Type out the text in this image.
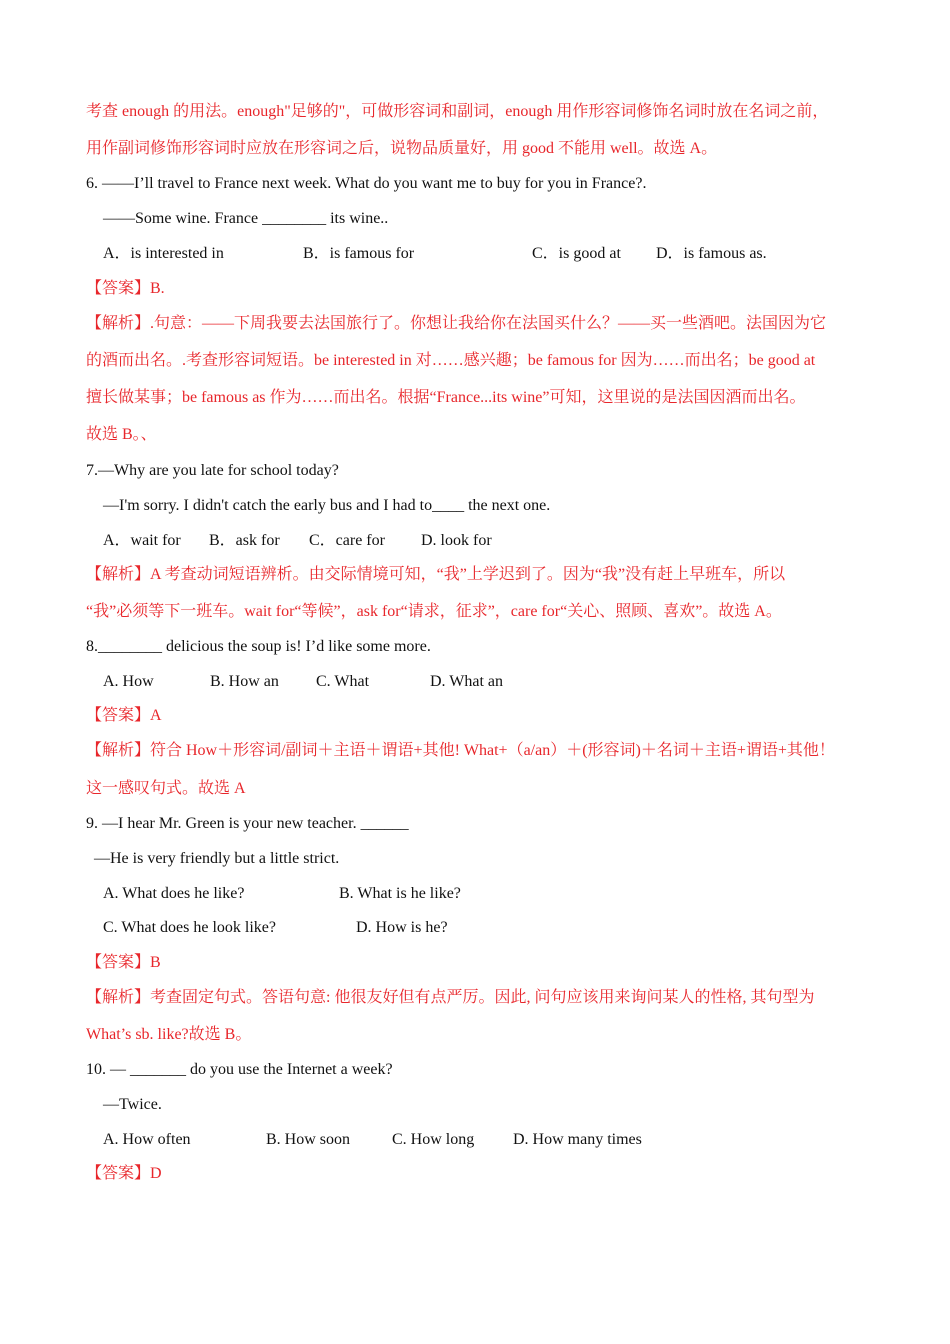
考查 enough 的用法。enough"足够的"，可做形容词和副词，enough 用作形容词修饰名词时放在名词之前，
用作副词修饰形容词时应放在形容词之后，说物品质量好，用 good 不能用 well。故选 A。
6. ——I’ll travel to France next week. What do you want me to buy for you in France?.
——Some wine. France ________ its wine..
A．is interested in	B．is famous for	C．is good at D．is famous as.
【答案】B.
【解析】.句意：——下周我要去法国旅行了。你想让我给你在法国买什么？——买一些酒吧。法国因为它
的酒而出名。.考查形容词短语。be interested in 对……感兴趣；be famous for 因为……而出名；be good at
擅长做某事；be famous as 作为……而出名。根据“France...its wine”可知，这里说的是法国因酒而出名。
故选 B。、
7.—Why are you late for school today?
—I'm sorry. I didn't catch the early bus and I had to____ the next one.
A．wait for B．ask for C．care for D. look for
【解析】A 考查动词短语辨析。由交际情境可知，“我”上学迟到了。因为“我”没有赶上早班车，所以
“我”必须等下一班车。wait for“等候”，ask for“请求，征求”，care for“关心、照顾、喜欢”。故选 A。
8.________ delicious the soup is! I’d like some more.
A. How	B. How an C. What	D. What an
【答案】A
【解析】符合 How＋形容词/副词＋主语＋谓语+其他! What+（a/an）＋(形容词)＋名词＋主语+谓语+其他！
这一感叹句式。故选 A
9. —I hear Mr. Green is your new teacher. ______
—He is very friendly but a little strict.
A. What does he like?	B. What is he like?
C. What does he look like?	D. How is he?
【答案】B
【解析】考查固定句式。答语句意: 他很友好但有点严厉。因此, 问句应该用来询问某人的性格, 其句型为
What’s sb. like?故选 B。
10. — _______ do you use the Internet a week?
—Twice.
A. How often	B. How soon	C. How long D. How many times
【答案】D
